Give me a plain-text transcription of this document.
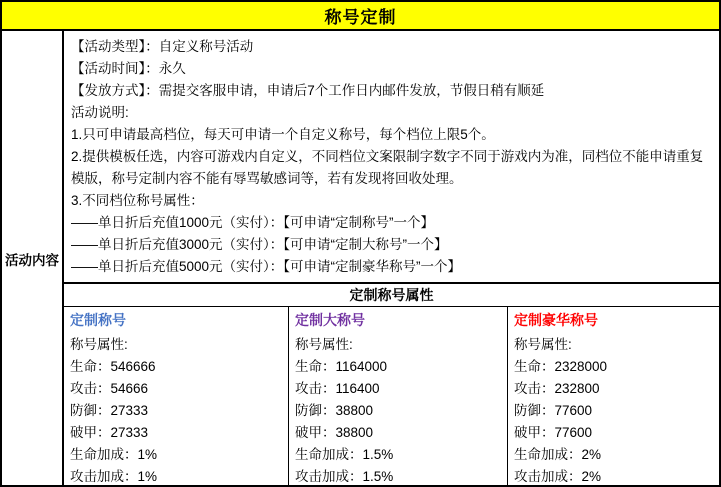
称号定制
活动内容
【活动类型】：自定义称号活动
【活动时间】：永久
【发放方式】：需提交客服申请，申请后7个工作日内邮件发放，节假日稍有顺延
活动说明:
1.只可申请最高档位，每天可申请一个自定义称号，每个档位上限5个。
2.提供模板任选，内容可游戏内自定义，不同档位文案限制字数字不同于游戏内为准，同档位不能申请重复模版，称号定制内容不能有辱骂敏感词等，若有发现将回收处理。
3.不同档位称号属性：
——单日折后充值1000元（实付）：【可申请“定制称号”一个】
——单日折后充值3000元（实付）：【可申请“定制大称号”一个】
——单日折后充值5000元（实付）：【可申请“定制豪华称号”一个】
定制称号属性
定制称号
称号属性:
生命：546666
攻击：54666
防御：27333
破甲：27333
生命加成：1%
攻击加成：1%
定制大称号
称号属性:
生命：1164000
攻击：116400
防御：38800
破甲：38800
生命加成：1.5%
攻击加成：1.5%
定制豪华称号
称号属性:
生命：2328000
攻击：232800
防御：77600
破甲：77600
生命加成：2%
攻击加成：2%
